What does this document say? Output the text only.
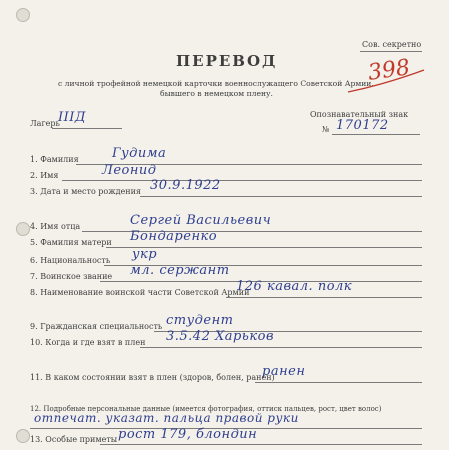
Сов. секретно
ПЕРЕВОД
с личной трофейной немецкой карточки военнослужащего Советской Армии,
бывшего в немецком плену.
398
Лагерь
IIIД	Опознавательный знак
№ 170172
1. Фамилия	Гудима
2. Имя	Леонид
3. Дата и место рождения 30.9.1922
4. Имя отца	Сергей Васильевич
5. Фамилия матери Бондаренко
6. Национальность укр
7. Воинское звание мл. сержант
8. Наименование воинской части Советской Армии
126 кавал. полк
9. Гражданская специальность студент
10. Когда и где взят в плен 3.5.42 Харьков
11. В каком состоянии взят в плен (здоров, болен, ранен)
ранен
12. Подробные персональные данные (имеется фотография, оттиск пальцев, рост, цвет волос)
отпечат. указат. пальца правой руки
13. Особые приметы рост 179, блондин
